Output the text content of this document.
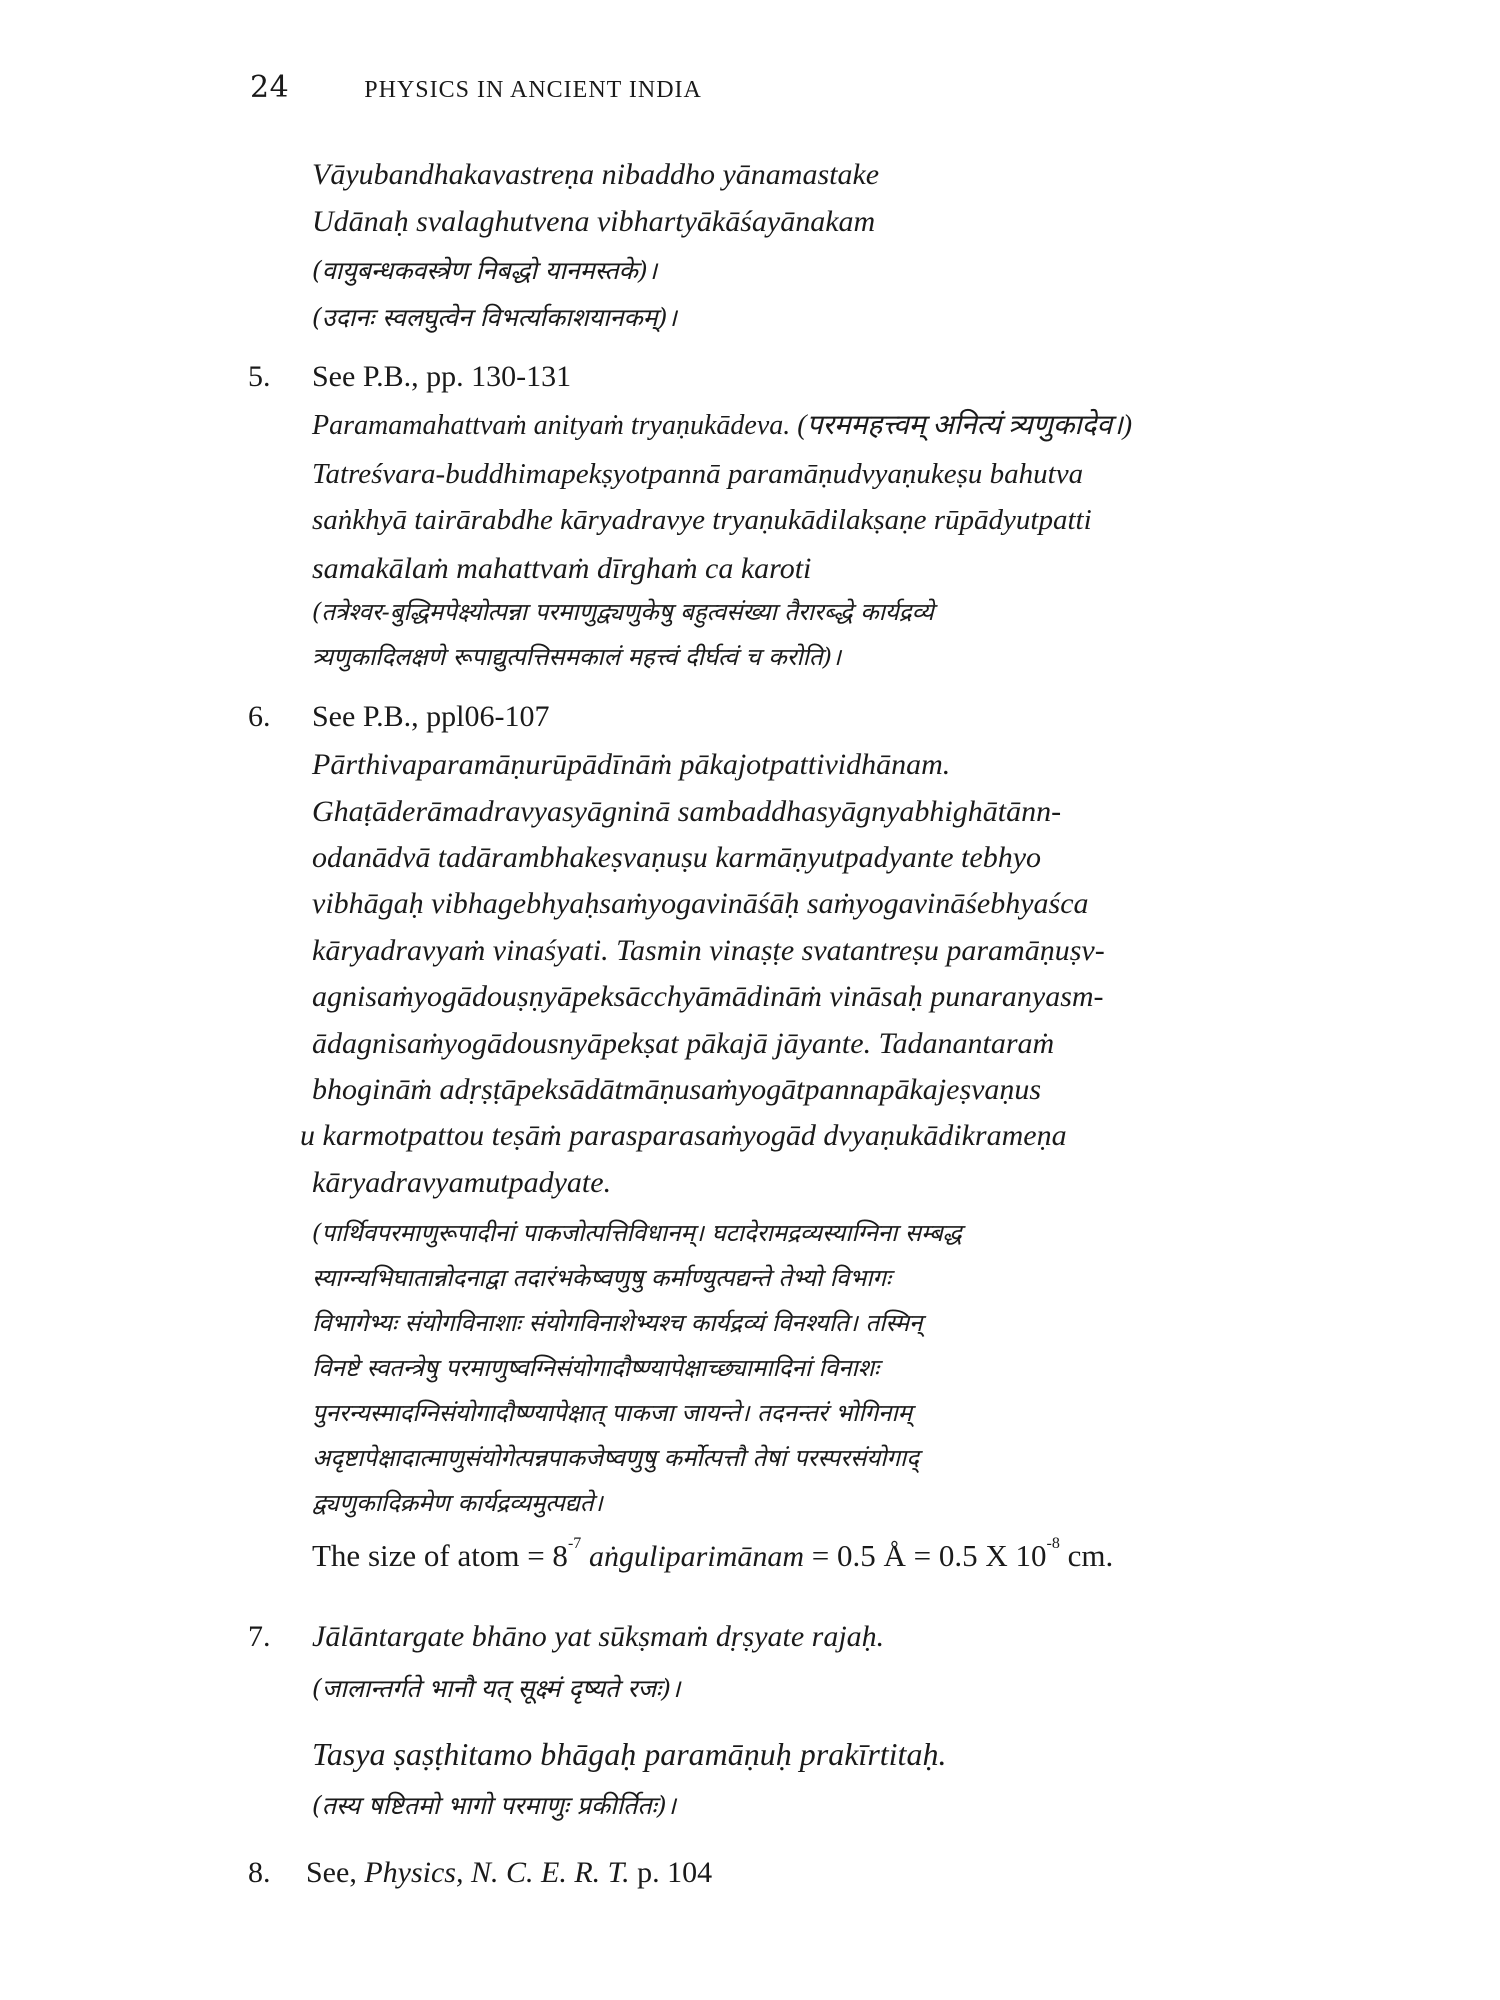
24	PHYSICS IN ANCIENT INDIA
Vāyubandhakavastreṇa nibaddho yānamastake
Udānaḥ svalaghutvena vibhartyākāśayānakam
(वायुबन्धकवस्त्रेण निबद्धो यानमस्तके)।
(उदानः स्वलघुत्वेन विभर्त्याकाशयानकम्)।
5. See P.B., pp. 130-131
Paramamahattvaṁ anityaṁ tryaṇukādeva. (परममहत्त्वम् अनित्यं त्र्यणुकादेव।)
Tatreśvara-buddhimapekṣyotpannā paramāṇudvyaṇukeṣu bahutva
saṅkhyā tairārabdhe kāryadravye tryaṇukādilakṣaṇe rūpādyutpatti
samakālaṁ mahattvaṁ dīrghaṁ ca karoti
(तत्रेश्वर-बुद्धिमपेक्ष्योत्पन्ना परमाणुद्व्यणुकेषु बहुत्वसंख्या तैरारब्द्धे कार्यद्रव्ये
त्र्यणुकादिलक्षणे रूपाद्युत्पत्तिसमकालं महत्त्वं दीर्घत्वं च करोति)।
6. See P.B., ppl06-107
Pārthivaparamāṇurūpādīnāṁ pākajotpattividhānam.
Ghaṭāderāmadravyasyāgninā sambaddhasyāgnyabhighātānn-
odanādvā tadārambhakeṣvaṇuṣu karmāṇyutpadyante tebhyo
vibhāgaḥ vibhagebhyaḥsaṁyogavināśāḥ saṁyogavināśebhyaśca
kāryadravyaṁ vinaśyati. Tasmin vinaṣṭe svatantreṣu paramāṇuṣv-
agnisaṁyogādouṣṇyāpeksācchyāmādināṁ vināsaḥ punaranyasm-
ādagnisaṁyogādousnyāpekṣat pākajā jāyante. Tadanantaraṁ
bhogināṁ adṛṣṭāpeksādātmāṇusaṁyogātpannapākajeṣvaṇus
u karmotpattou teṣāṁ parasparasaṁyogād dvyaṇukādikrameṇa
kāryadravyamutpadyate.
(पार्थिवपरमाणुरूपादीनां पाकजोत्पत्तिविधानम्। घटादेरामद्रव्यस्याग्निना सम्बद्ध
स्याग्न्यभिघातान्नोदनाद्वा तदारंभकेष्वणुषु कर्माण्युत्पद्यन्ते तेभ्यो विभागः
विभागेभ्यः संयोगविनाशाः संयोगविनाशेभ्यश्च कार्यद्रव्यं विनश्यति। तस्मिन्
विनष्टे स्वतन्त्रेषु परमाणुष्वग्निसंयोगादौष्ण्यापेक्षाच्छ्यामादिनां विनाशः
पुनरन्यस्मादग्निसंयोगादौष्ण्यापेक्षात् पाकजा जायन्ते। तदनन्तरं भोगिनाम्
अदृष्टापेक्षादात्माणुसंयोगेत्पन्नपाकजेष्वणुषु कर्मोत्पत्तौ तेषां परस्परसंयोगाद्
द्व्यणुकादिक्रमेण कार्यद्रव्यमुत्पद्यते।
The size of atom = $8^{-7}$ aṅguliparimānam = 0.5 Å = 0.5 X $10^{-8}$ cm.
7. Jālāntargate bhāno yat sūkṣmaṁ dṛṣyate rajaḥ.
(जालान्तर्गते भानौ यत् सूक्ष्मं दृष्यते रजः)।
Tasya ṣaṣṭhitamo bhāgaḥ paramāṇuḥ prakīrtitaḥ.
(तस्य षष्टितमो भागो परमाणुः प्रकीर्तितः)।
8. See, Physics, N. C. E. R. T. p. 104
